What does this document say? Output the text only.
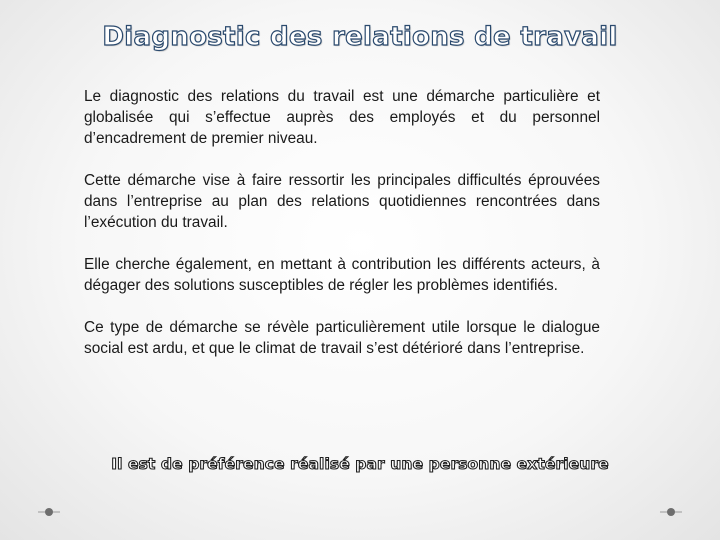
Diagnostic des relations de travail

Le diagnostic des relations du travail est une démarche particulière et globalisée qui s’effectue auprès des employés et du personnel d’encadrement de premier niveau.

Cette démarche vise à faire ressortir les principales difficultés éprouvées dans l’entreprise au plan des relations quotidiennes rencontrées dans l’exécution du travail.

Elle cherche également, en mettant à contribution les différents acteurs, à dégager des solutions susceptibles de régler les problèmes identifiés.

Ce type de démarche se révèle particulièrement utile lorsque le dialogue social est ardu, et que le climat de travail s’est détérioré dans l’entreprise.

Il est de préférence réalisé par une personne extérieure
